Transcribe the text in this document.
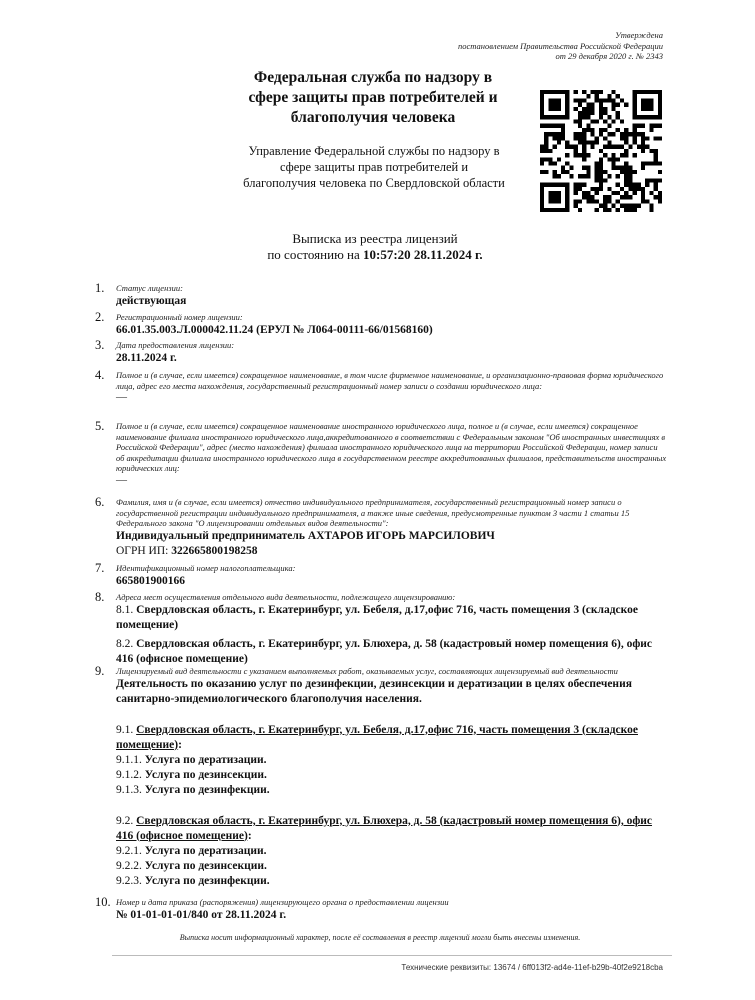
Утверждена
постановлением Правительства Российской Федерации
от 29 декабря 2020 г. № 2343
Федеральная служба по надзору в
сфере защиты прав потребителей и
благополучия человека
Управление Федеральной службы по надзору в
сфере защиты прав потребителей и
благополучия человека по Свердловской области
Выписка из реестра лицензий
по состоянию на 10:57:20 28.11.2024 г.
1. Статус лицензии:
действующая
2. Регистрационный номер лицензии:
66.01.35.003.Л.000042.11.24 (ЕРУЛ № Л064-00111-66/01568160)
3. Дата предоставления лицензии:
28.11.2024 г.
4. Полное и (в случае, если имеется) сокращенное наименование, в том числе фирменное наименование, и организационно-правовая форма юридического лица, адрес его места нахождения, государственный регистрационный номер записи о создании юридического лица:
—
5. Полное и (в случае, если имеется) сокращенное наименование иностранного юридического лица, полное и (в случае, если имеется) сокращенное наименование филиала иностранного юридического лица,аккредитованного в соответствии с Федеральным законом "Об иностранных инвестициях в Российской Федерации", адрес (место нахождения) филиала иностранного юридического лица на территории Российской Федерации, номер записи об аккредитации филиала иностранного юридического лица в государственном реестре аккредитованных филиалов, представительств иностранных юридических лиц:
—
6. Фамилия, имя и (в случае, если имеется) отчество индивидуального предпринимателя, государственный регистрационный номер записи о государственной регистрации индивидуального предпринимателя, а также иные сведения, предусмотренные пунктом 3 части 1 статьи 15 Федерального закона "О лицензировании отдельных видов деятельности":
Индивидуальный предприниматель АХТАРОВ ИГОРЬ МАРСИЛОВИЧ
ОГРН ИП: 322665800198258
7. Идентификационный номер налогоплательщика:
665801900166
8. Адреса мест осуществления отдельного вида деятельности, подлежащего лицензированию:
8.1. Свердловская область, г. Екатеринбург, ул. Бебеля, д.17,офис 716, часть помещения 3 (складское
помещение)
8.2. Свердловская область, г. Екатеринбург, ул. Блюхера, д. 58 (кадастровый номер помещения 6), офис
416 (офисное помещение)
9. Лицензируемый вид деятельности с указанием выполняемых работ, оказываемых услуг, составляющих лицензируемый вид деятельности
Деятельность по оказанию услуг по дезинфекции, дезинсекции и дератизации в целях обеспечения
санитарно-эпидемиологического благополучия населения.
9.1. Свердловская область, г. Екатеринбург, ул. Бебеля, д.17,офис 716, часть помещения 3 (складское
помещение):
9.1.1. Услуга по дератизации.
9.1.2. Услуга по дезинсекции.
9.1.3. Услуга по дезинфекции.
9.2. Свердловская область, г. Екатеринбург, ул. Блюхера, д. 58 (кадастровый номер помещения 6), офис
416 (офисное помещение):
9.2.1. Услуга по дератизации.
9.2.2. Услуга по дезинсекции.
9.2.3. Услуга по дезинфекции.
10. Номер и дата приказа (распоряжения) лицензирующего органа о предоставлении лицензии
№ 01-01-01-01/840 от 28.11.2024 г.
Выписка носит информационный характер, после её составления в реестр лицензий могли быть внесены изменения.
Технические реквизиты: 13674 / 6ff013f2-ad4e-11ef-b29b-40f2e9218cba
